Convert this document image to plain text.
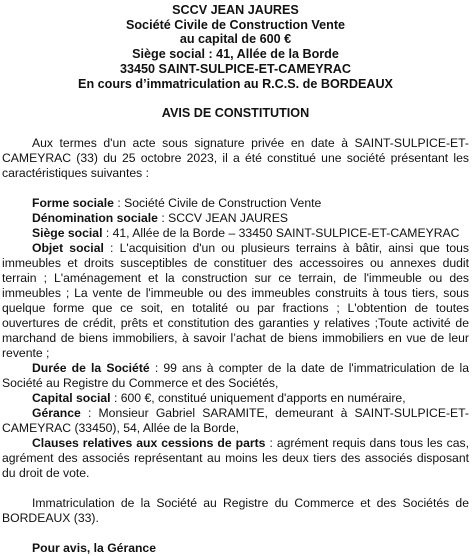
SCCV JEAN JAURES
Société Civile de Construction Vente
au capital de 600 €
Siège social : 41, Allée de la Borde
33450 SAINT-SULPICE-ET-CAMEYRAC
En cours d’immatriculation au R.C.S. de BORDEAUX
AVIS DE CONSTITUTION

Aux termes d'un acte sous signature privée en date à SAINT-SULPICE-ET-CAMEYRAC (33) du 25 octobre 2023, il a été constitué une société présentant les caractéristiques suivantes :

Forme sociale : Société Civile de Construction Vente
Dénomination sociale : SCCV JEAN JAURES
Siège social : 41, Allée de la Borde – 33450 SAINT-SULPICE-ET-CAMEYRAC

Objet social : L'acquisition d'un ou plusieurs terrains à bâtir, ainsi que tous immeubles et droits susceptibles de constituer des accessoires ou annexes dudit terrain ; L'aménagement et la construction sur ce terrain, de l'immeuble ou des immeubles ; La vente de l'immeuble ou des immeubles construits à tous tiers, sous quelque forme que ce soit, en totalité ou par fractions ; L'obtention de toutes ouvertures de crédit, prêts et constitution des garanties y relatives ;Toute activité de marchand de biens immobiliers, à savoir l’achat de biens immobiliers en vue de leur revente ;

Durée de la Société : 99 ans à compter de la date de l'immatriculation de la Société au Registre du Commerce et des Sociétés,

Capital social : 600 €, constitué uniquement d'apports en numéraire,

Gérance : Monsieur Gabriel SARAMITE, demeurant à SAINT-SULPICE-ET-CAMEYRAC (33450), 54, Allée de la Borde,

Clauses relatives aux cessions de parts : agrément requis dans tous les cas, agrément des associés représentant au moins les deux tiers des associés disposant du droit de vote.

Immatriculation de la Société au Registre du Commerce et des Sociétés de BORDEAUX (33).

Pour avis, la Gérance
